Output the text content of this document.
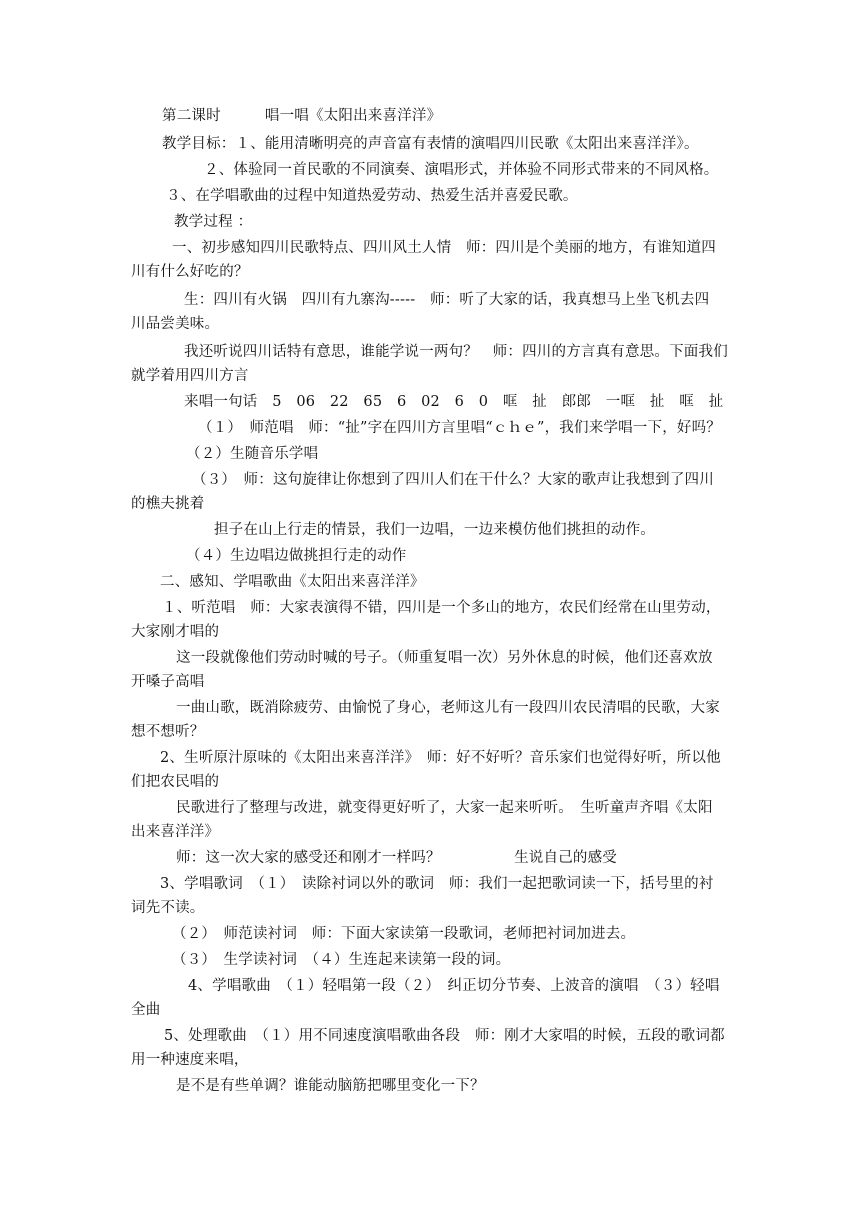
第二课时　　　唱一唱《太阳出来喜洋洋》
教学目标：１、能用清晰明亮的声音富有表情的演唱四川民歌《太阳出来喜洋洋》。
２、体验同一首民歌的不同演奏、演唱形式，并体验不同形式带来的不同风格。
３、在学唱歌曲的过程中知道热爱劳动、热爱生活并喜爱民歌。
教学过程 ：
一、初步感知四川民歌特点、四川风土人情　师：四川是个美丽的地方，有谁知道四
川有什么好吃的？
生：四川有火锅　四川有九寨沟-----　师：听了大家的话，我真想马上坐飞机去四
川品尝美味。
我还听说四川话特有意思，谁能学说一两句？　师：四川的方言真有意思。下面我们
就学着用四川方言
来唱一句话　5　06　22　65　6　02　6　0　哐　扯　郎郎　一哐　扯　哐　扯
（１）　师范唱　师：“扯”字在四川方言里唱“ｃｈｅ”，我们来学唱一下，好吗？
（２）生随音乐学唱
（３）　师：这句旋律让你想到了四川人们在干什么？大家的歌声让我想到了四川
的樵夫挑着
担子在山上行走的情景，我们一边唱，一边来模仿他们挑担的动作。
（４）生边唱边做挑担行走的动作
二、感知、学唱歌曲《太阳出来喜洋洋》
１、听范唱　师：大家表演得不错，四川是一个多山的地方，农民们经常在山里劳动，
大家刚才唱的
这一段就像他们劳动时喊的号子。（师重复唱一次）另外休息的时候，他们还喜欢放
开嗓子高唱
一曲山歌，既消除疲劳、由愉悦了身心，老师这儿有一段四川农民清唱的民歌，大家
想不想听？
2、生听原汁原味的《太阳出来喜洋洋》　师：好不好听？音乐家们也觉得好听，所以他
们把农民唱的
民歌进行了整理与改进，就变得更好听了，大家一起来听听。　生听童声齐唱《太阳
出来喜洋洋》
师：这一次大家的感受还和刚才一样吗？　　　　　生说自己的感受
3、学唱歌词　（１）　读除衬词以外的歌词　师：我们一起把歌词读一下，括号里的衬
词先不读。
（２）　师范读衬词　师：下面大家读第一段歌词，老师把衬词加进去。
（３）　生学读衬词　（４）生连起来读第一段的词。
4、学唱歌曲　（１）轻唱第一段（２）　纠正切分节奏、上波音的演唱　（３）轻唱
全曲
5、处理歌曲　（１）用不同速度演唱歌曲各段　师：刚才大家唱的时候，五段的歌词都
用一种速度来唱，
是不是有些单调？谁能动脑筋把哪里变化一下？
